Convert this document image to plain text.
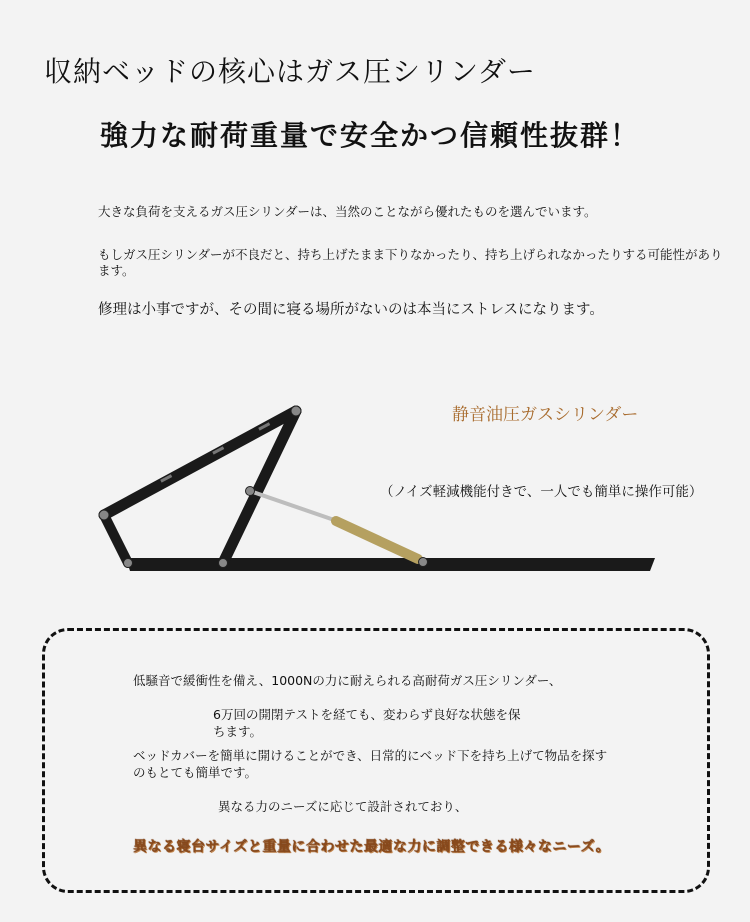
収納ベッドの核心はガス圧シリンダー
強力な耐荷重量で安全かつ信頼性抜群！
大きな負荷を支えるガス圧シリンダーは、当然のことながら優れたものを選んでいます。
もしガス圧シリンダーが不良だと、持ち上げたまま下りなかったり、持ち上げられなかったりする可能性があります。
修理は小事ですが、その間に寝る場所がないのは本当にストレスになります。
静音油圧ガスシリンダー
（ノイズ軽減機能付きで、一人でも簡単に操作可能）
低騒音で緩衝性を備え、1000Nの力に耐えられる高耐荷ガス圧シリンダー、
6万回の開閉テストを経ても、変わらず良好な状態を保ちます。
ベッドカバーを簡単に開けることができ、日常的にベッド下を持ち上げて物品を探すのもとても簡単です。
異なる力のニーズに応じて設計されており、
異なる寝台サイズと重量に合わせた最適な力に調整できる様々なニーズ。
